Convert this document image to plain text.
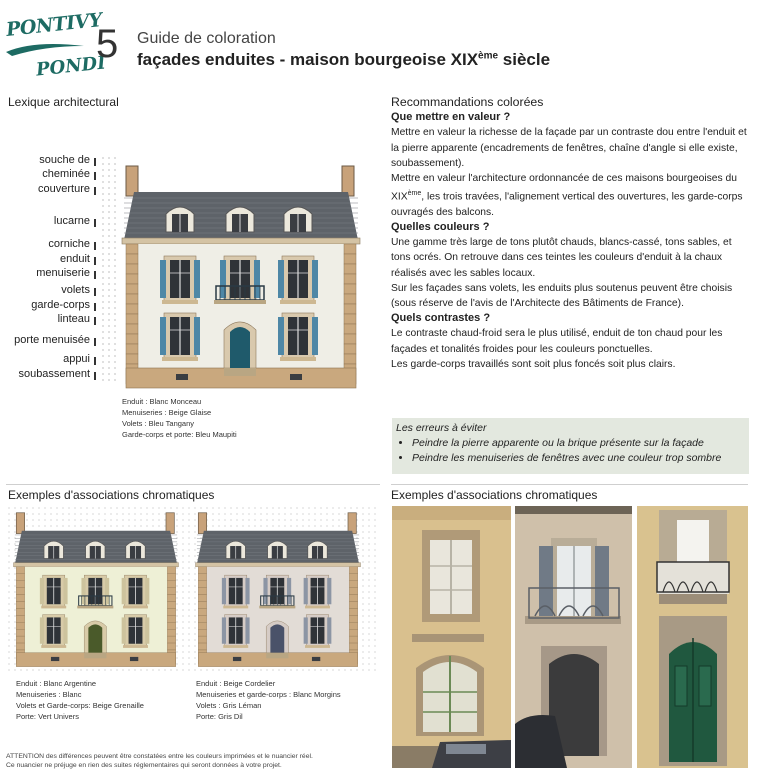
PONTIVY
PONDI
5 Guide de coloration
façades enduites - maison bourgeoise XIXème siècle
Lexique architectural
souche de
cheminée
couverture
lucarne
corniche
enduit
menuiserie
volets
garde-corps
linteau
porte menuisée
appui
soubassement
Enduit : Blanc Monceau
Menuiseries : Beige Glaise
Volets : Bleu Tangany
Garde-corps et porte: Bleu Maupiti
Exemples d'associations chromatiques
Enduit : Blanc Argentine
Menuiseries : Blanc
Volets et Garde-corps: Beige Grenaille
Porte: Vert Univers
Enduit : Beige Cordelier
Menuiseries et garde-corps : Blanc Morgins
Volets : Gris Léman
Porte: Gris Dil
ATTENTION des différences peuvent être constatées entre les couleurs imprimées et le nuancier réel.
Ce nuancier ne préjuge en rien des suites réglementaires qui seront données à votre projet.
Recommandations colorées
Que mettre en valeur ?

Mettre en valeur la richesse de la façade par un contraste dou entre l'enduit et la pierre apparente (encadrements de fenêtres, chaîne d'angle si elle existe, soubassement).

Mettre en valeur l'architecture ordonnancée de ces maisons bourgeoises du XIXème, les trois travées, l'alignement vertical des ouvertures, les garde-corps ouvragés des balcons.

Quelles couleurs ?

Une gamme très large de tons plutôt chauds, blancs-cassé, tons sables, et tons ocrés. On retrouve dans ces teintes les couleurs d'enduit à la chaux réalisés avec les sables locaux.

Sur les façades sans volets, les enduits plus soutenus peuvent être choisis (sous réserve de l'avis de l'Architecte des Bâtiments de France).

Quels contrastes ?

Le contraste chaud-froid sera le plus utilisé, enduit de ton chaud pour les façades et tonalités froides pour les couleurs ponctuelles.

Les garde-corps travaillés sont soit plus foncés soit plus clairs.

Les erreurs à éviter
• Peindre la pierre apparente ou la brique présente sur la façade
• Peindre les menuiseries de fenêtres avec une couleur trop sombre
Exemples d'associations chromatiques
